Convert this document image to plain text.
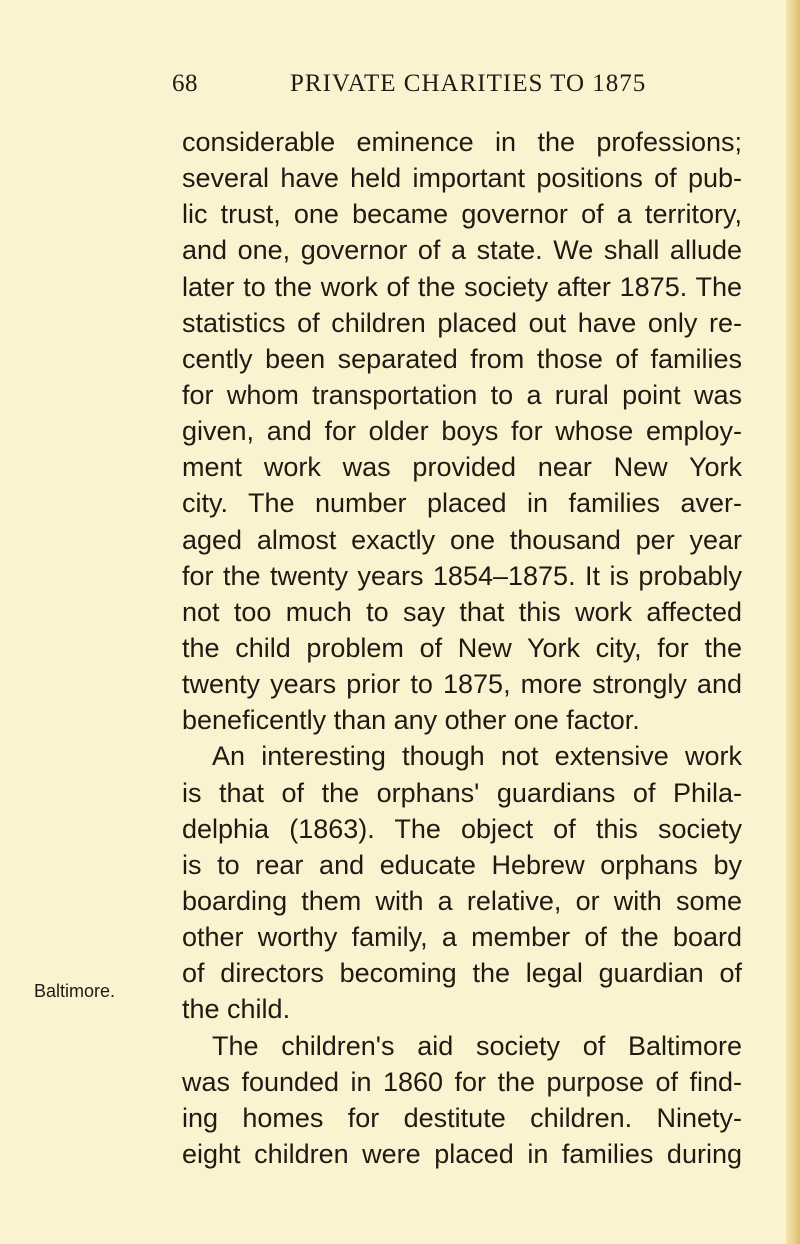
68	PRIVATE CHARITIES TO 1875
Baltimore.
considerable eminence in the professions;
several have held important positions of pub-
lic trust, one became governor of a territory,
and one, governor of a state. We shall allude
later to the work of the society after 1875. The
statistics of children placed out have only re-
cently been separated from those of families
for whom transportation to a rural point was
given, and for older boys for whose employ-
ment work was provided near New York
city. The number placed in families aver-
aged almost exactly one thousand per year
for the twenty years 1854–1875. It is probably
not too much to say that this work affected
the child problem of New York city, for the
twenty years prior to 1875, more strongly and
beneficently than any other one factor.
An interesting though not extensive work
is that of the orphans' guardians of Phila-
delphia (1863). The object of this society
is to rear and educate Hebrew orphans by
boarding them with a relative, or with some
other worthy family, a member of the board
of directors becoming the legal guardian of
the child.
The children's aid society of Baltimore
was founded in 1860 for the purpose of find-
ing homes for destitute children. Ninety-
eight children were placed in families during
